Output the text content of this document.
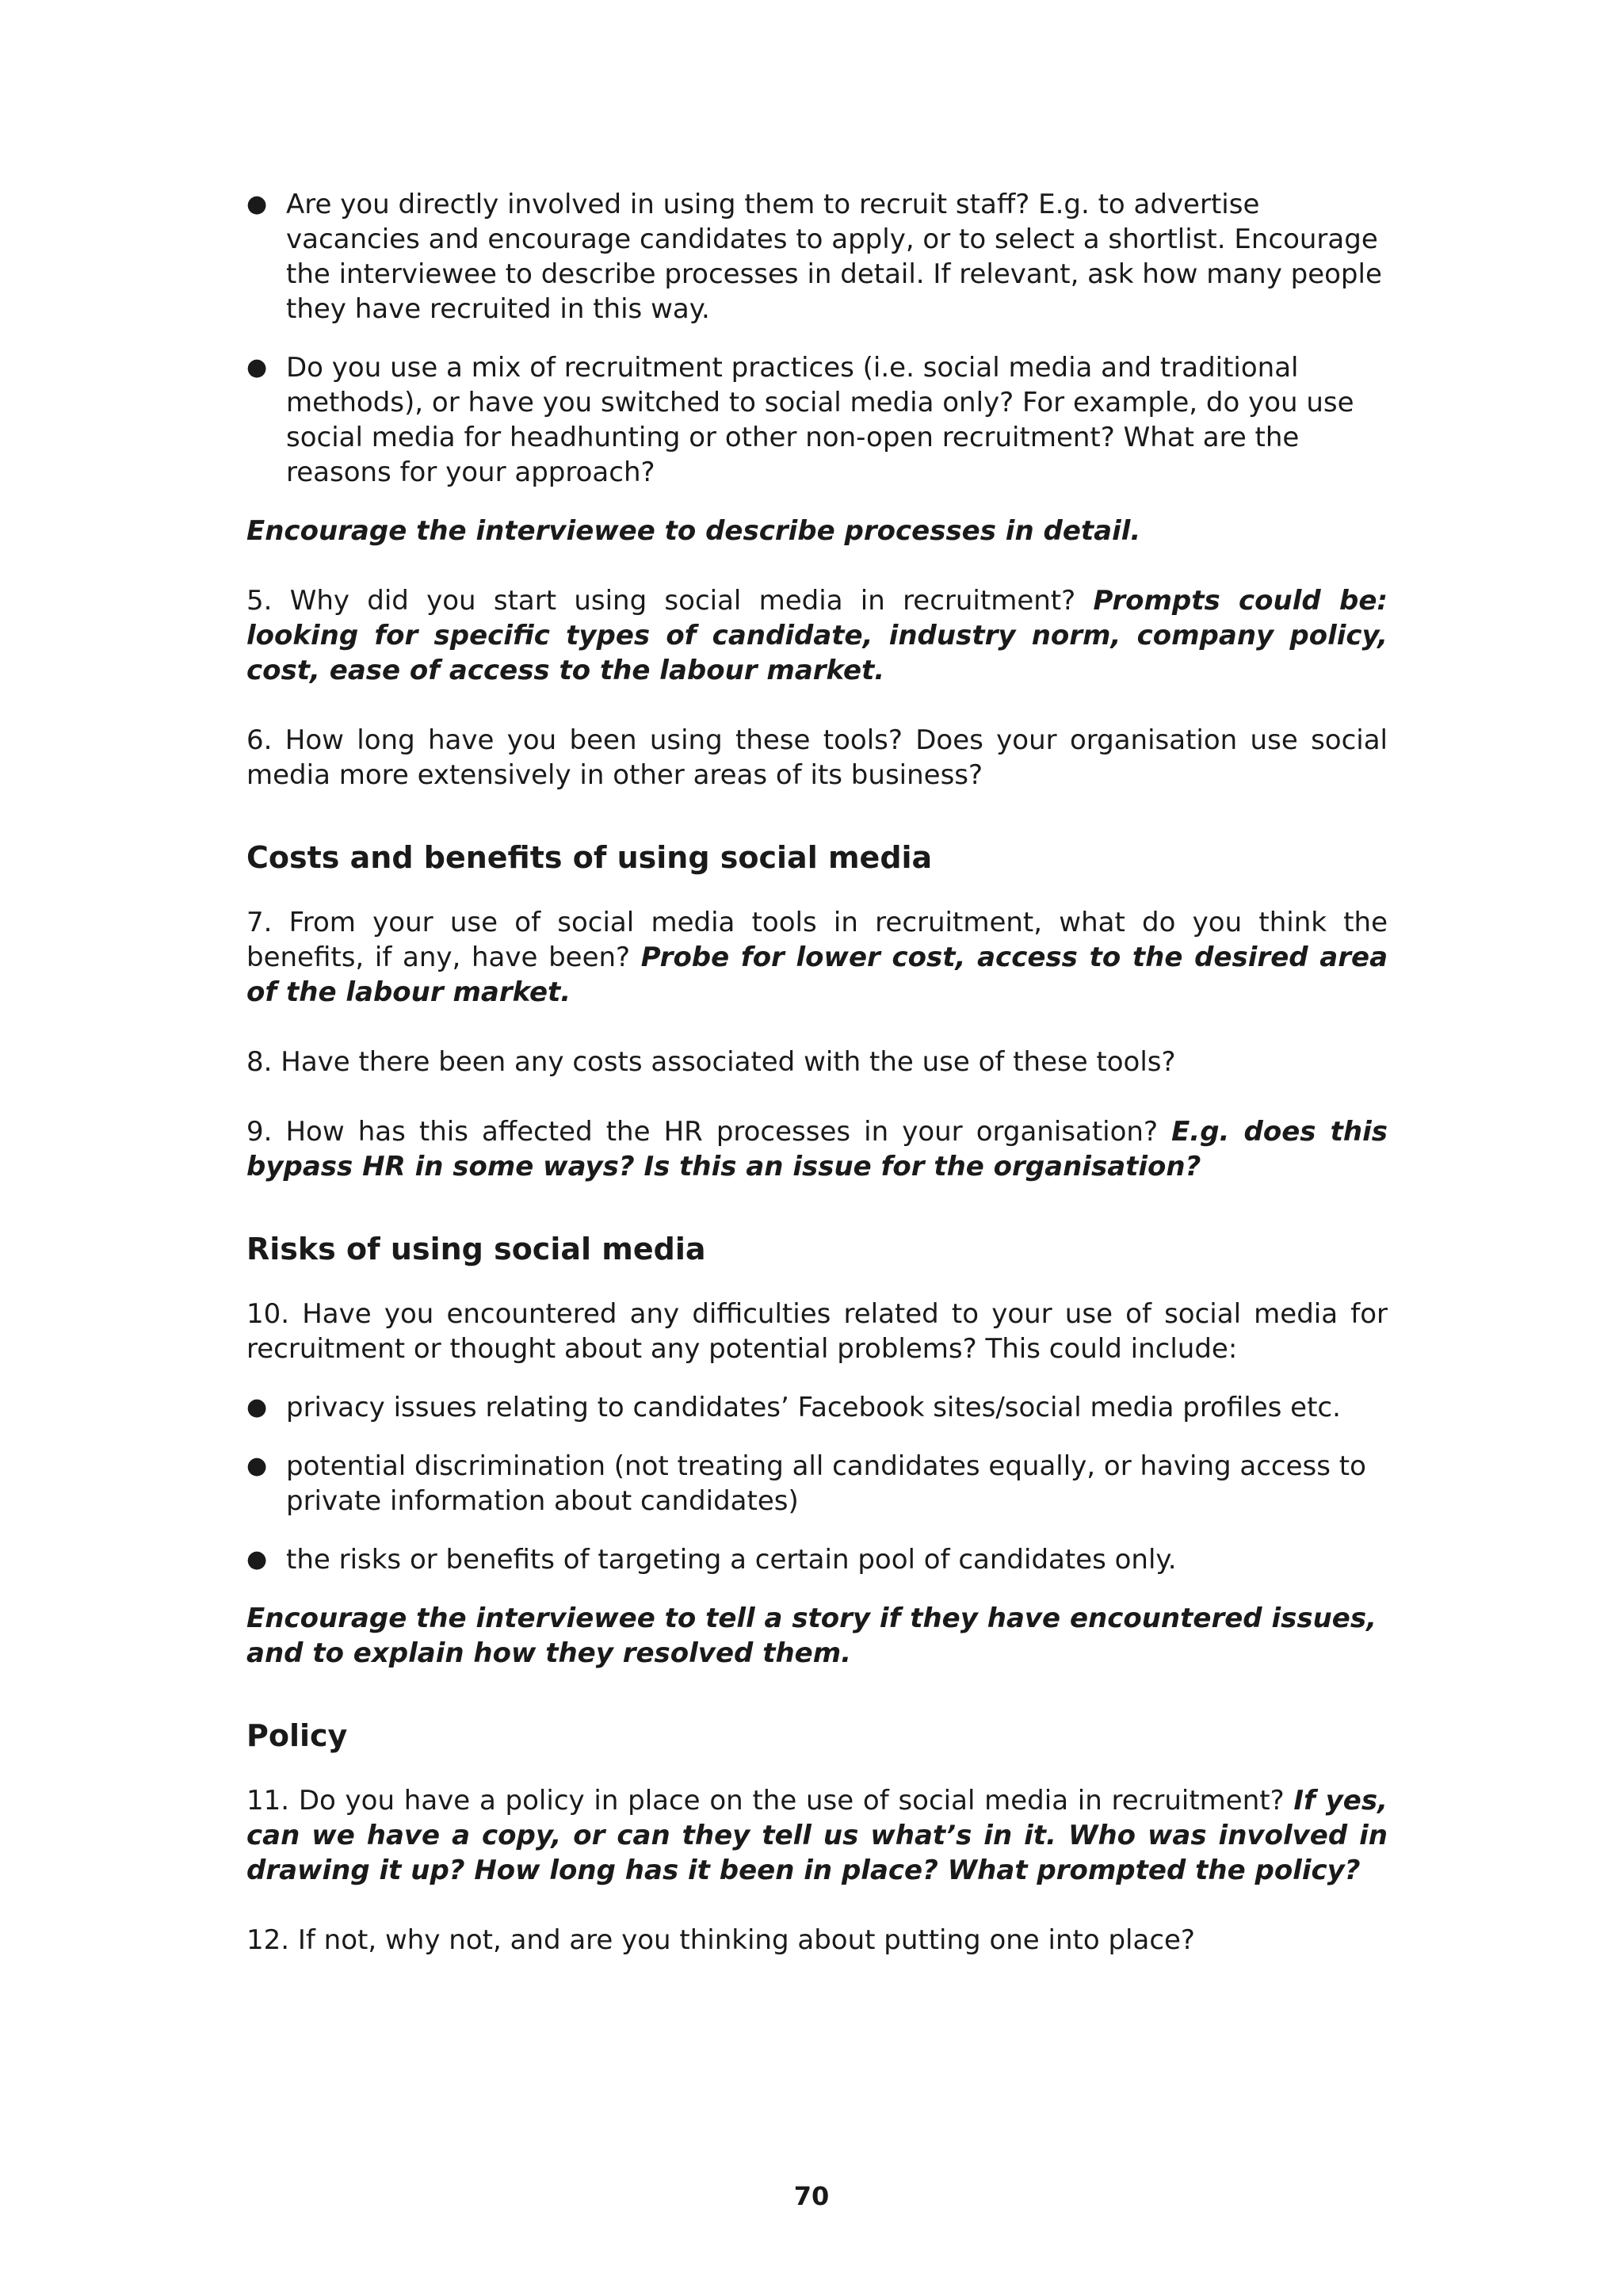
● Are you directly involved in using them to recruit staff? E.g. to advertise vacancies and encourage candidates to apply, or to select a shortlist. Encourage the interviewee to describe processes in detail. If relevant, ask how many people they have recruited in this way.
● Do you use a mix of recruitment practices (i.e. social media and traditional methods), or have you switched to social media only? For example, do you use social media for headhunting or other non-open recruitment? What are the reasons for your approach?

Encourage the interviewee to describe processes in detail.

5. Why did you start using social media in recruitment? Prompts could be: looking for specific types of candidate, industry norm, company policy, cost, ease of access to the labour market.

6. How long have you been using these tools? Does your organisation use social media more extensively in other areas of its business?

Costs and benefits of using social media

7. From your use of social media tools in recruitment, what do you think the benefits, if any, have been? Probe for lower cost, access to the desired area of the labour market.

8. Have there been any costs associated with the use of these tools?

9. How has this affected the HR processes in your organisation? E.g. does this bypass HR in some ways? Is this an issue for the organisation?

Risks of using social media

10. Have you encountered any difficulties related to your use of social media for recruitment or thought about any potential problems? This could include:

● privacy issues relating to candidates’ Facebook sites/social media profiles etc.
● potential discrimination (not treating all candidates equally, or having access to private information about candidates)
● the risks or benefits of targeting a certain pool of candidates only.

Encourage the interviewee to tell a story if they have encountered issues, and to explain how they resolved them.

Policy

11. Do you have a policy in place on the use of social media in recruitment? If yes, can we have a copy, or can they tell us what’s in it. Who was involved in drawing it up? How long has it been in place? What prompted the policy?

12. If not, why not, and are you thinking about putting one into place?

70
